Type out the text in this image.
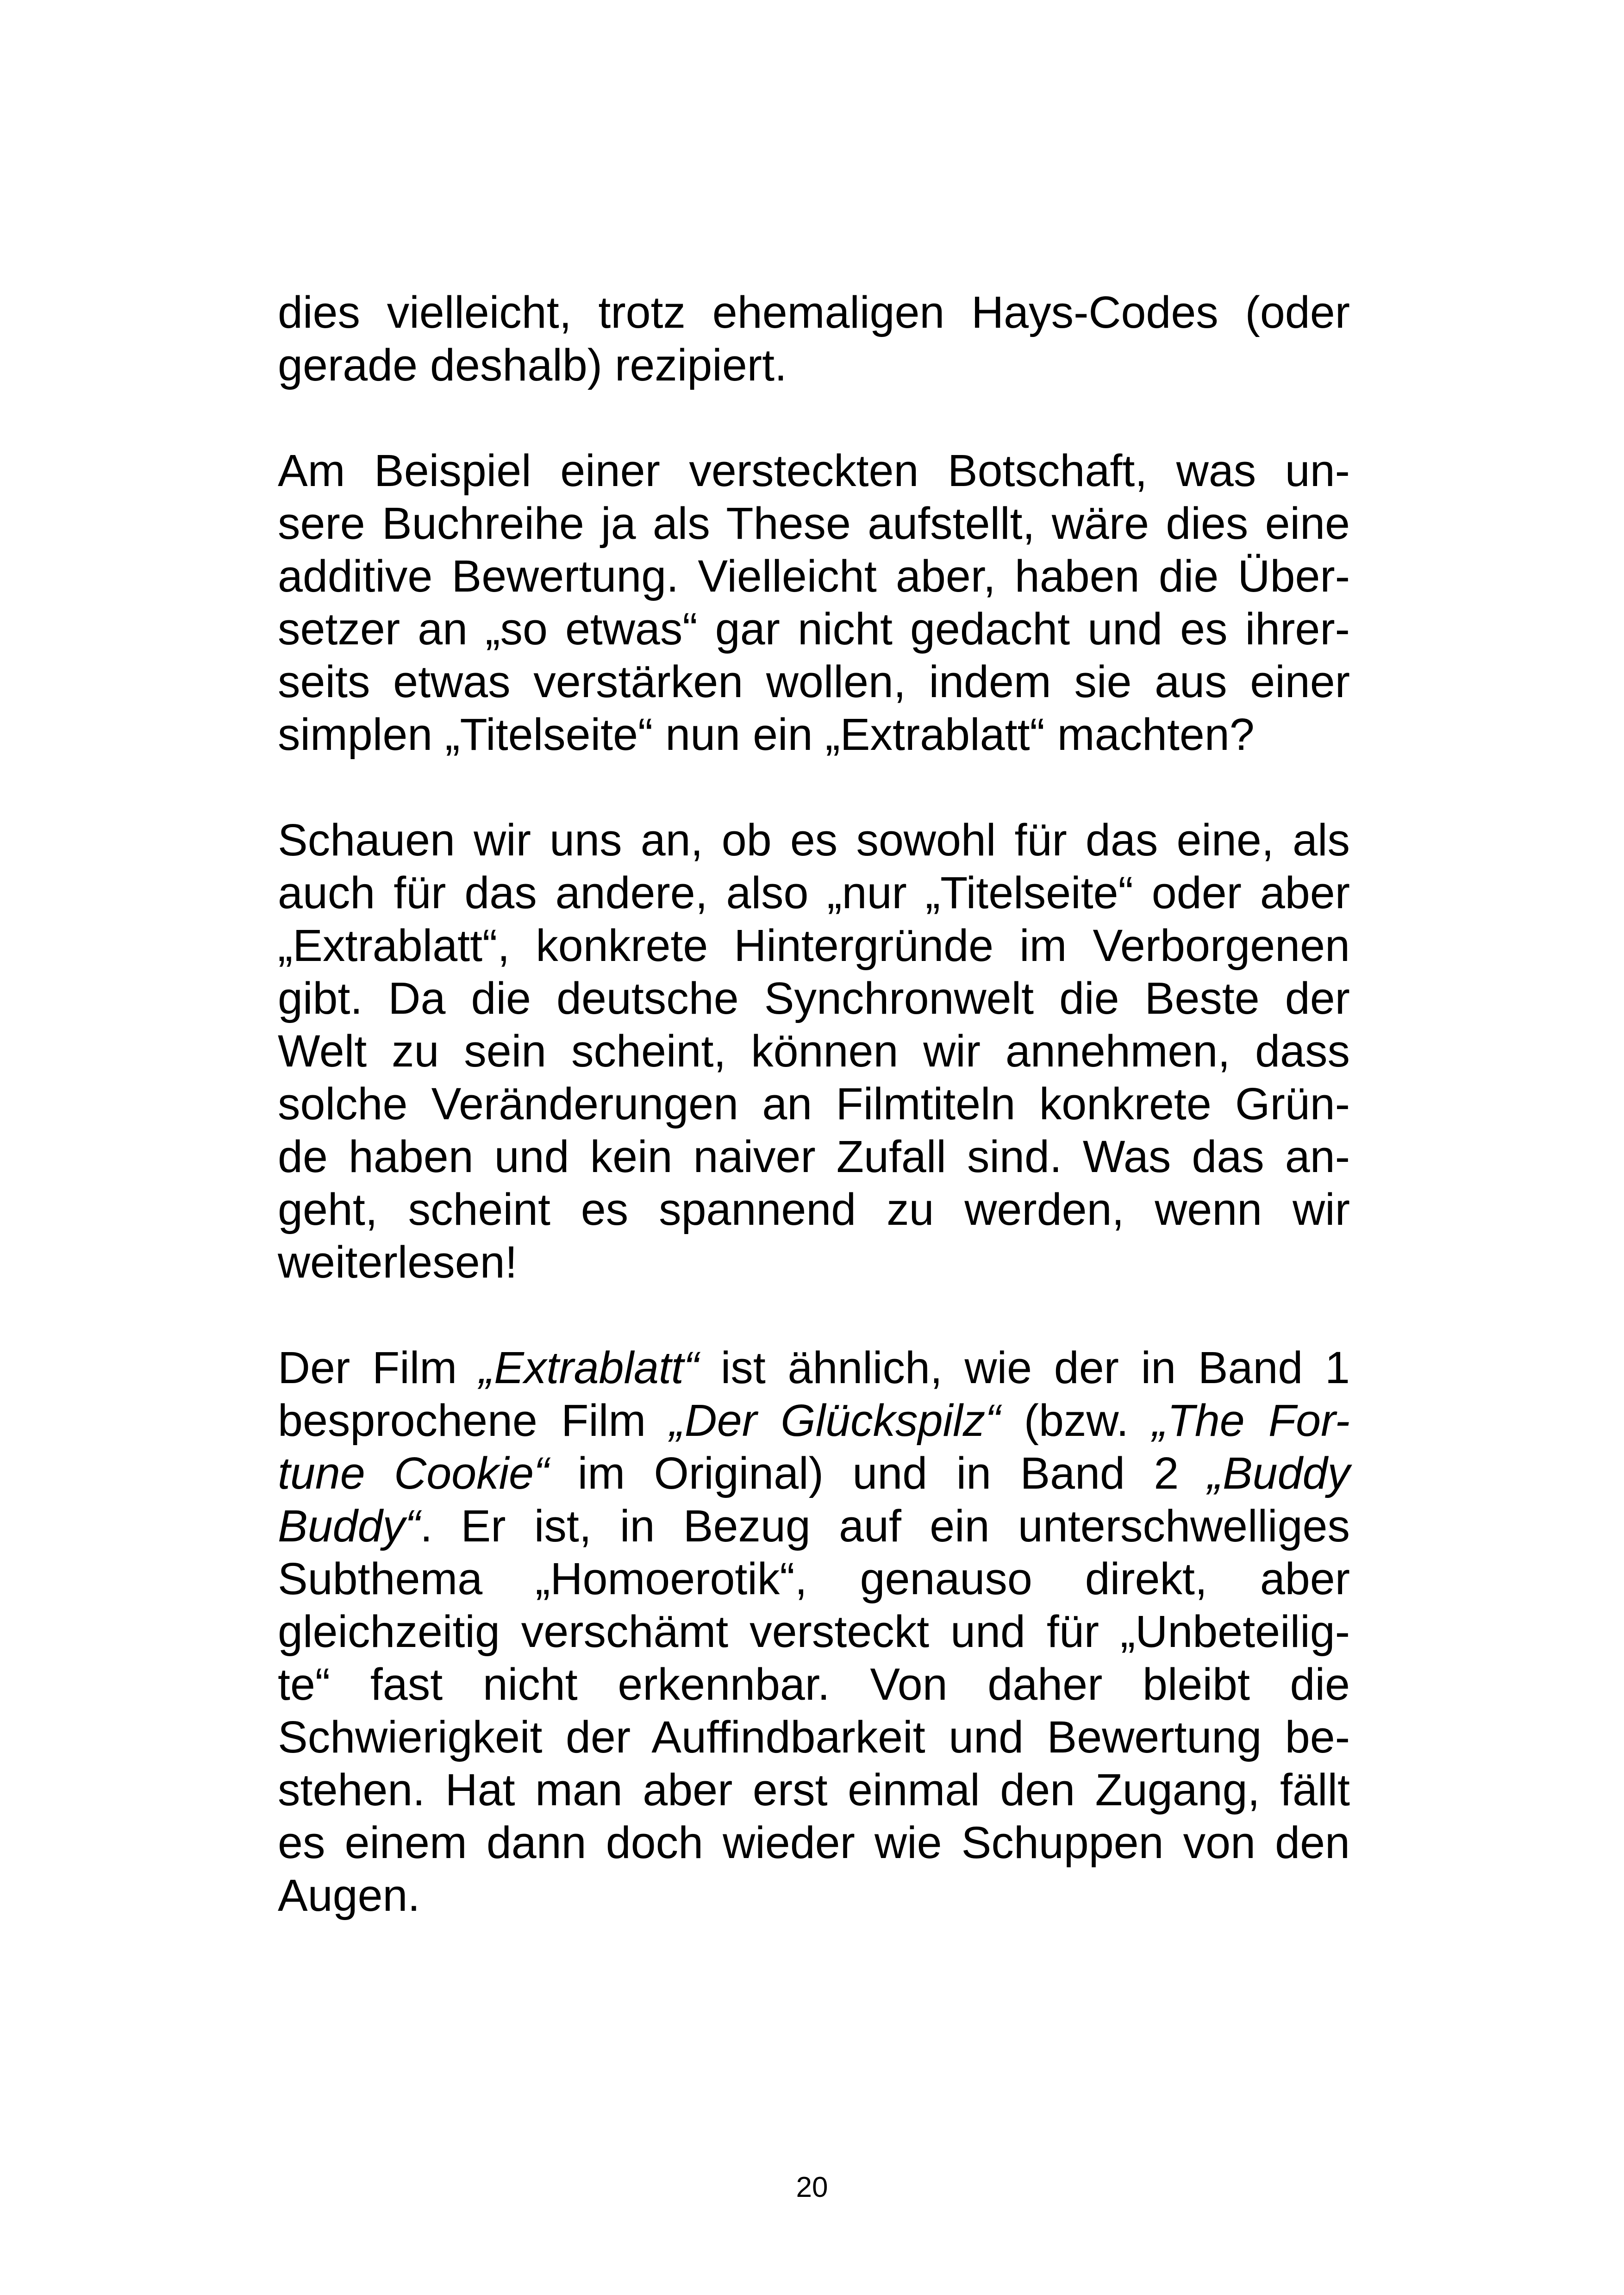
dies vielleicht, trotz ehemaligen Hays-Codes (oder
gerade deshalb) rezipiert.
Am Beispiel einer versteckten Botschaft, was un-
sere Buchreihe ja als These aufstellt, wäre dies eine
additive Bewertung. Vielleicht aber, haben die Über-
setzer an „so etwas“ gar nicht gedacht und es ihrer-
seits etwas verstärken wollen, indem sie aus einer
simplen „Titelseite“ nun ein „Extrablatt“ machten?
Schauen wir uns an, ob es sowohl für das eine, als
auch für das andere, also „nur „Titelseite“ oder aber
„Extrablatt“, konkrete Hintergründe im Verborgenen
gibt. Da die deutsche Synchronwelt die Beste der
Welt zu sein scheint, können wir annehmen, dass
solche Veränderungen an Filmtiteln konkrete Grün-
de haben und kein naiver Zufall sind. Was das an-
geht, scheint es spannend zu werden, wenn wir
weiterlesen!
Der Film „Extrablatt“ ist ähnlich, wie der in Band 1
besprochene Film „Der Glückspilz“ (bzw. „The For-
tune Cookie“ im Original) und in Band 2 „Buddy
Buddy“. Er ist, in Bezug auf ein unterschwelliges
Subthema „Homoerotik“, genauso direkt, aber
gleichzeitig verschämt versteckt und für „Unbeteilig-
te“ fast nicht erkennbar. Von daher bleibt die
Schwierigkeit der Auffindbarkeit und Bewertung be-
stehen. Hat man aber erst einmal den Zugang, fällt
es einem dann doch wieder wie Schuppen von den
Augen.
20
